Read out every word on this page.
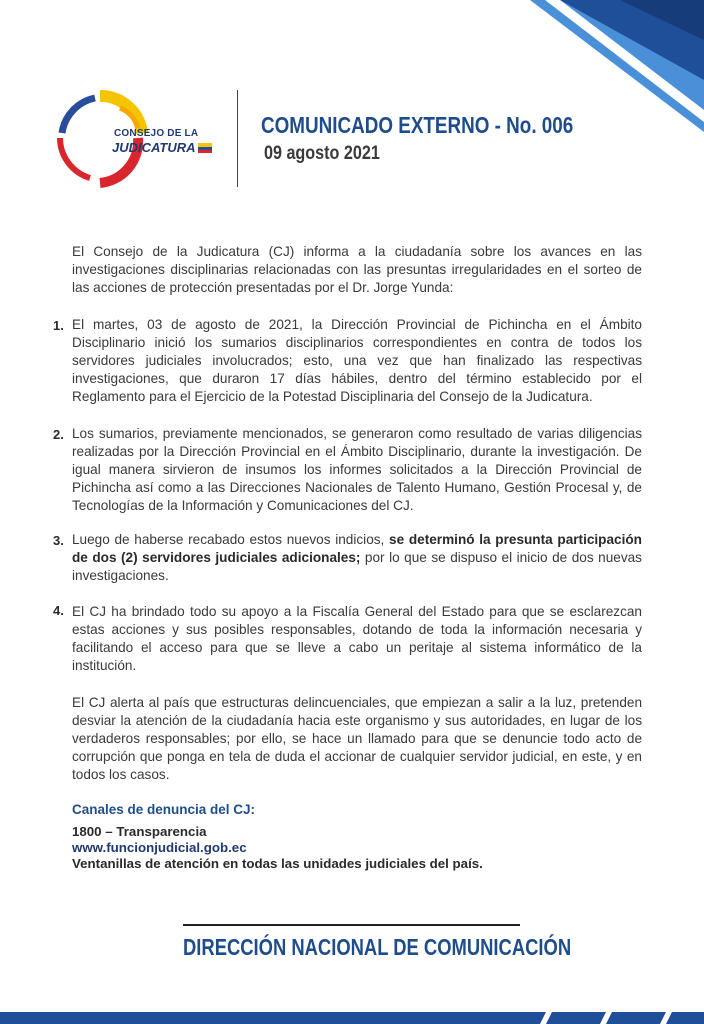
CONSEJO DE LA
JUDICATURA
COMUNICADO EXTERNO - No. 006
09 agosto 2021

El Consejo de la Judicatura (CJ) informa a la ciudadanía sobre los avances en las investigaciones disciplinarias relacionadas con las presuntas irregularidades en el sorteo de las acciones de protección presentadas por el Dr. Jorge Yunda:

1. El martes, 03 de agosto de 2021, la Dirección Provincial de Pichincha en el Ámbito Disciplinario inició los sumarios disciplinarios correspondientes en contra de todos los servidores judiciales involucrados; esto, una vez que han finalizado las respectivas investigaciones, que duraron 17 días hábiles, dentro del término establecido por el Reglamento para el Ejercicio de la Potestad Disciplinaria del Consejo de la Judicatura.

2. Los sumarios, previamente mencionados, se generaron como resultado de varias diligencias realizadas por la Dirección Provincial en el Ámbito Disciplinario, durante la investigación. De igual manera sirvieron de insumos los informes solicitados a la Dirección Provincial de Pichincha así como a las Direcciones Nacionales de Talento Humano, Gestión Procesal y, de Tecnologías de la Información y Comunicaciones del CJ.

3. Luego de haberse recabado estos nuevos indicios, se determinó la presunta participación de dos (2) servidores judiciales adicionales; por lo que se dispuso el inicio de dos nuevas investigaciones.

4. El CJ ha brindado todo su apoyo a la Fiscalía General del Estado para que se esclarezcan estas acciones y sus posibles responsables, dotando de toda la información necesaria y facilitando el acceso para que se lleve a cabo un peritaje al sistema informático de la institución.

El CJ alerta al país que estructuras delincuenciales, que empiezan a salir a la luz, pretenden desviar la atención de la ciudadanía hacia este organismo y sus autoridades, en lugar de los verdaderos responsables; por ello, se hace un llamado para que se denuncie todo acto de corrupción que ponga en tela de duda el accionar de cualquier servidor judicial, en este, y en todos los casos.

Canales de denuncia del CJ:
1800 – Transparencia
www.funcionjudicial.gob.ec
Ventanillas de atención en todas las unidades judiciales del país.
DIRECCIÓN NACIONAL DE COMUNICACIÓN
